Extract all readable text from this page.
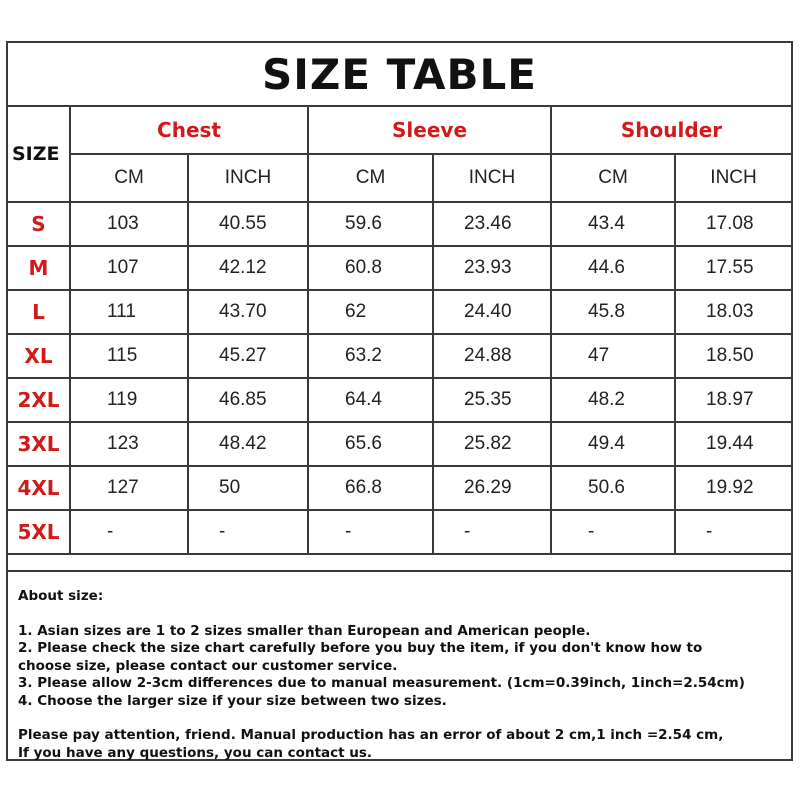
SIZE TABLE
SIZE	Chest		Sleeve		Shoulder	
	CM	INCH	CM	INCH	CM	INCH
S	103	40.55	59.6	23.46	43.4	17.08
M	107	42.12	60.8	23.93	44.6	17.55
L	111	43.70	62	24.40	45.8	18.03
XL	115	45.27	63.2	24.88	47	18.50
2XL	119	46.85	64.4	25.35	48.2	18.97
3XL	123	48.42	65.6	25.82	49.4	19.44
4XL	127	50	66.8	26.29	50.6	19.92
5XL	-	-	-	-	-	-
About size:
1. Asian sizes are 1 to 2 sizes smaller than European and American people.
2. Please check the size chart carefully before you buy the item, if you don't know how to
choose size, please contact our customer service.
3. Please allow 2-3cm differences due to manual measurement. (1cm=0.39inch, 1inch=2.54cm)
4. Choose the larger size if your size between two sizes.
Please pay attention, friend. Manual production has an error of about 2 cm,1 inch =2.54 cm,
If you have any questions, you can contact us.
